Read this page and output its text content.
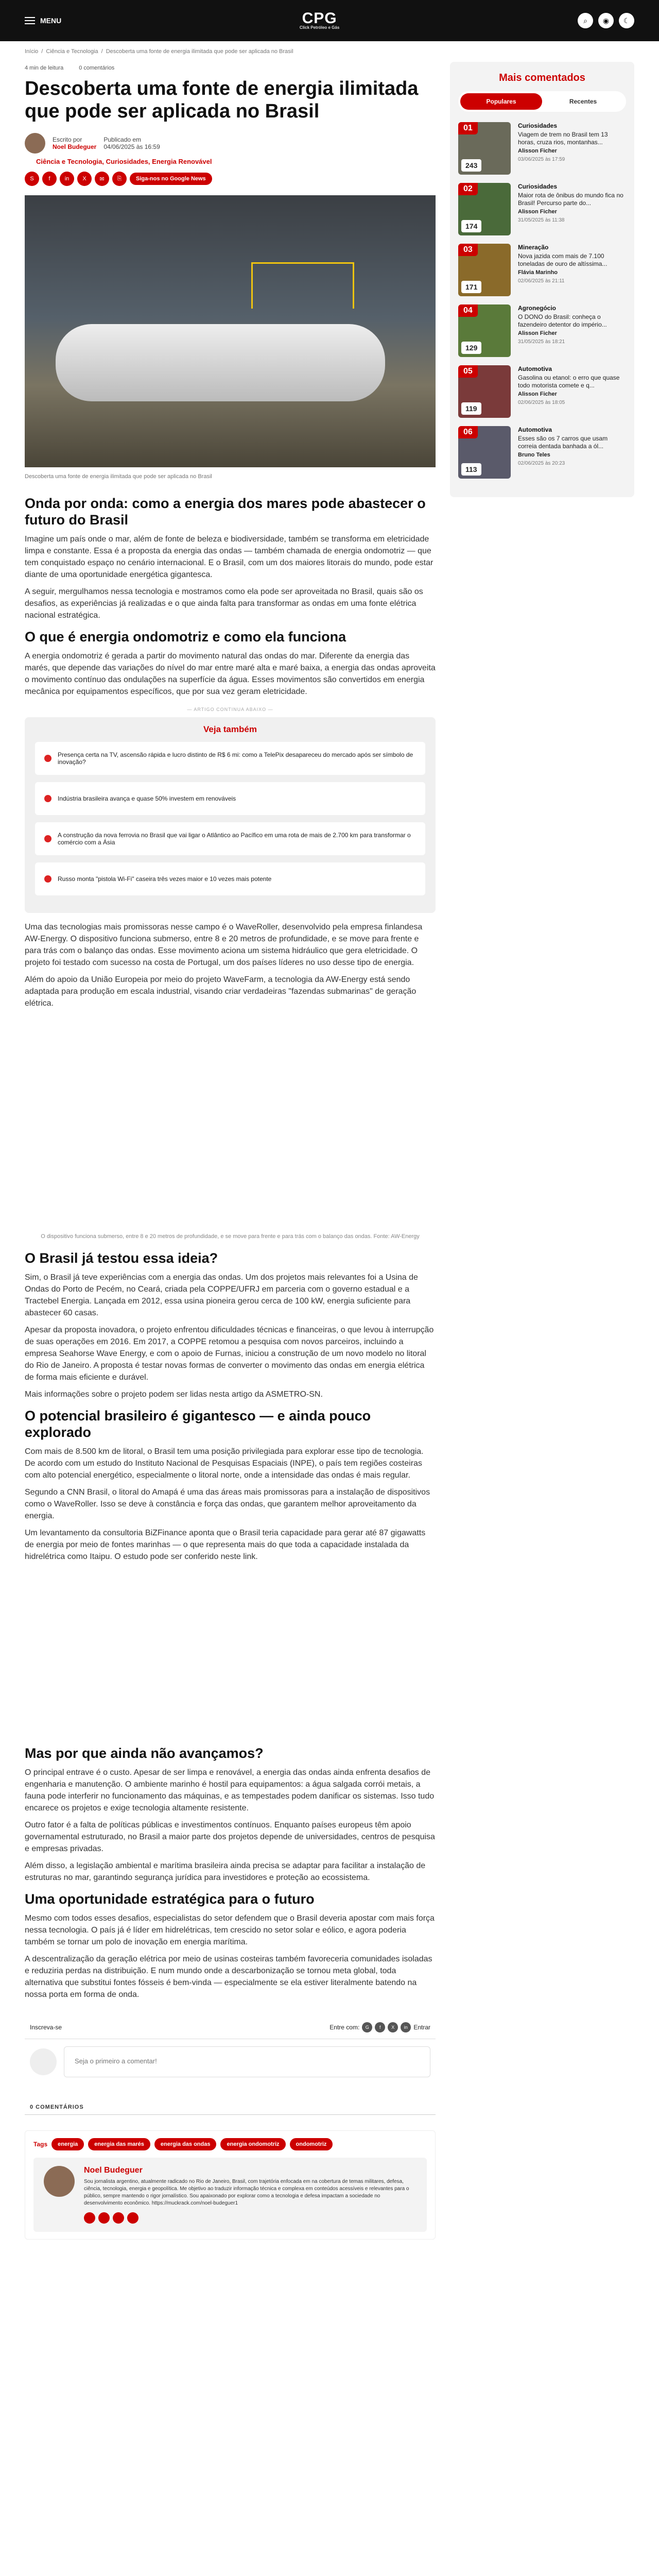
MENU	CPG
Click Petróleo e Gás
⌕	◉	☾
Início / Ciência e Tecnologia / Descoberta uma fonte de energia ilimitada que pode ser aplicada no Brasil
4 min de leitura	0 comentários
Descoberta uma fonte de energia ilimitada que pode ser aplicada no Brasil
Escrito por
Noel Budeguer
Publicado em
04/06/2025 às 16:59
Ciência e Tecnologia, Curiosidades, Energia Renovável
S	f	in	X	✉	⎘	Siga-nos no Google News
Descoberta uma fonte de energia ilimitada que pode ser aplicada no Brasil
Onda por onda: como a energia dos mares pode abastecer o futuro do Brasil

Imagine um país onde o mar, além de fonte de beleza e biodiversidade, também se transforma em eletricidade limpa e constante. Essa é a proposta da energia das ondas — também chamada de energia ondomotriz — que tem conquistado espaço no cenário internacional. E o Brasil, com um dos maiores litorais do mundo, pode estar diante de uma oportunidade energética gigantesca.

A seguir, mergulhamos nessa tecnologia e mostramos como ela pode ser aproveitada no Brasil, quais são os desafios, as experiências já realizadas e o que ainda falta para transformar as ondas em uma fonte elétrica nacional estratégica.

O que é energia ondomotriz e como ela funciona

A energia ondomotriz é gerada a partir do movimento natural das ondas do mar. Diferente da energia das marés, que depende das variações do nível do mar entre maré alta e maré baixa, a energia das ondas aproveita o movimento contínuo das ondulações na superfície da água. Esses movimentos são convertidos em energia mecânica por equipamentos específicos, que por sua vez geram eletricidade.

— ARTIGO CONTINUA ABAIXO —
Veja também
Presença certa na TV, ascensão rápida e lucro distinto de R$ 6 mi: como a TelePix desapareceu do mercado após ser símbolo de inovação?
Indústria brasileira avança e quase 50% investem em renováveis
A construção da nova ferrovia no Brasil que vai ligar o Atlântico ao Pacífico em uma rota de mais de 2.700 km para transformar o comércio com a Ásia
Russo monta "pistola Wi-Fi" caseira três vezes maior e 10 vezes mais potente

Uma das tecnologias mais promissoras nesse campo é o WaveRoller, desenvolvido pela empresa finlandesa AW-Energy. O dispositivo funciona submerso, entre 8 e 20 metros de profundidade, e se move para frente e para trás com o balanço das ondas. Esse movimento aciona um sistema hidráulico que gera eletricidade. O projeto foi testado com sucesso na costa de Portugal, um dos países líderes no uso desse tipo de energia.

Além do apoio da União Europeia por meio do projeto WaveFarm, a tecnologia da AW-Energy está sendo adaptada para produção em escala industrial, visando criar verdadeiras "fazendas submarinas" de geração elétrica.

O dispositivo funciona submerso, entre 8 e 20 metros de profundidade, e se move para frente e para trás com o balanço das ondas. Fonte: AW-Energy
O Brasil já testou essa ideia?

Sim, o Brasil já teve experiências com a energia das ondas. Um dos projetos mais relevantes foi a Usina de Ondas do Porto de Pecém, no Ceará, criada pela COPPE/UFRJ em parceria com o governo estadual e a Tractebel Energia. Lançada em 2012, essa usina pioneira gerou cerca de 100 kW, energia suficiente para abastecer 60 casas.

Apesar da proposta inovadora, o projeto enfrentou dificuldades técnicas e financeiras, o que levou à interrupção de suas operações em 2016. Em 2017, a COPPE retomou a pesquisa com novos parceiros, incluindo a empresa Seahorse Wave Energy, e com o apoio de Furnas, iniciou a construção de um novo modelo no litoral do Rio de Janeiro. A proposta é testar novas formas de converter o movimento das ondas em energia elétrica de forma mais eficiente e durável.

Mais informações sobre o projeto podem ser lidas nesta artigo da ASMETRO-SN.

O potencial brasileiro é gigantesco — e ainda pouco explorado

Com mais de 8.500 km de litoral, o Brasil tem uma posição privilegiada para explorar esse tipo de tecnologia. De acordo com um estudo do Instituto Nacional de Pesquisas Espaciais (INPE), o país tem regiões costeiras com alto potencial energético, especialmente o litoral norte, onde a intensidade das ondas é mais regular.

Segundo a CNN Brasil, o litoral do Amapá é uma das áreas mais promissoras para a instalação de dispositivos como o WaveRoller. Isso se deve à constância e força das ondas, que garantem melhor aproveitamento da energia.

Um levantamento da consultoria BiZFinance aponta que o Brasil teria capacidade para gerar até 87 gigawatts de energia por meio de fontes marinhas — o que representa mais do que toda a capacidade instalada da hidrelétrica como Itaipu. O estudo pode ser conferido neste link.

Mas por que ainda não avançamos?

O principal entrave é o custo. Apesar de ser limpa e renovável, a energia das ondas ainda enfrenta desafios de engenharia e manutenção. O ambiente marinho é hostil para equipamentos: a água salgada corrói metais, a fauna pode interferir no funcionamento das máquinas, e as tempestades podem danificar os sistemas. Isso tudo encarece os projetos e exige tecnologia altamente resistente.

Outro fator é a falta de políticas públicas e investimentos contínuos. Enquanto países europeus têm apoio governamental estruturado, no Brasil a maior parte dos projetos depende de universidades, centros de pesquisa e empresas privadas.

Além disso, a legislação ambiental e marítima brasileira ainda precisa se adaptar para facilitar a instalação de estruturas no mar, garantindo segurança jurídica para investidores e proteção ao ecossistema.

Uma oportunidade estratégica para o futuro

Mesmo com todos esses desafios, especialistas do setor defendem que o Brasil deveria apostar com mais força nessa tecnologia. O país já é líder em hidrelétricas, tem crescido no setor solar e eólico, e agora poderia também se tornar um polo de inovação em energia marítima.

A descentralização da geração elétrica por meio de usinas costeiras também favoreceria comunidades isoladas e reduziria perdas na distribuição. E num mundo onde a descarbonização se tornou meta global, toda alternativa que substitui fontes fósseis é bem-vinda — especialmente se ela estiver literalmente batendo na nossa porta em forma de onda.

Inscreva-se	Entre com:	G	f	X	in Entrar
Seja o primeiro a comentar!
0 COMENTÁRIOS
Tags	energia	energia das marés	energia das ondas	energia ondomotriz	ondomotriz
Noel Budeguer

Sou jornalista argentino, atualmente radicado no Rio de Janeiro, Brasil, com trajetória enfocada em na cobertura de temas militares, defesa, ciência, tecnologia, energia e geopolítica. Me objetivo ao traduzir informação técnica e complexa em conteúdos acessíveis e relevantes para o público, sempre mantendo o rigor jornalístico. Sou apaixonado por explorar como a tecnologia e defesa impactam a sociedade no desenvolvimento econômico. https://muckrack.com/noel-budeguer1

Mais comentados
Populares	Recentes
01
243
Curiosidades
Viagem de trem no Brasil tem 13 horas, cruza rios, montanhas...
Alisson Ficher
03/06/2025 às 17:59
02
174
Curiosidades
Maior rota de ônibus do mundo fica no Brasil! Percurso parte do...
Alisson Ficher
31/05/2025 às 11:38
03
171
Mineração
Nova jazida com mais de 7.100 toneladas de ouro de altíssima...
Flávia Marinho
02/06/2025 às 21:11
04
129
Agronegócio
O DONO do Brasil: conheça o fazendeiro detentor do império...
Alisson Ficher
31/05/2025 às 18:21
05
119
Automotiva
Gasolina ou etanol: o erro que quase todo motorista comete e q...
Alisson Ficher
02/06/2025 às 18:05
06
113
Automotiva
Esses são os 7 carros que usam correia dentada banhada a ól...
Bruno Teles
02/06/2025 às 20:23
